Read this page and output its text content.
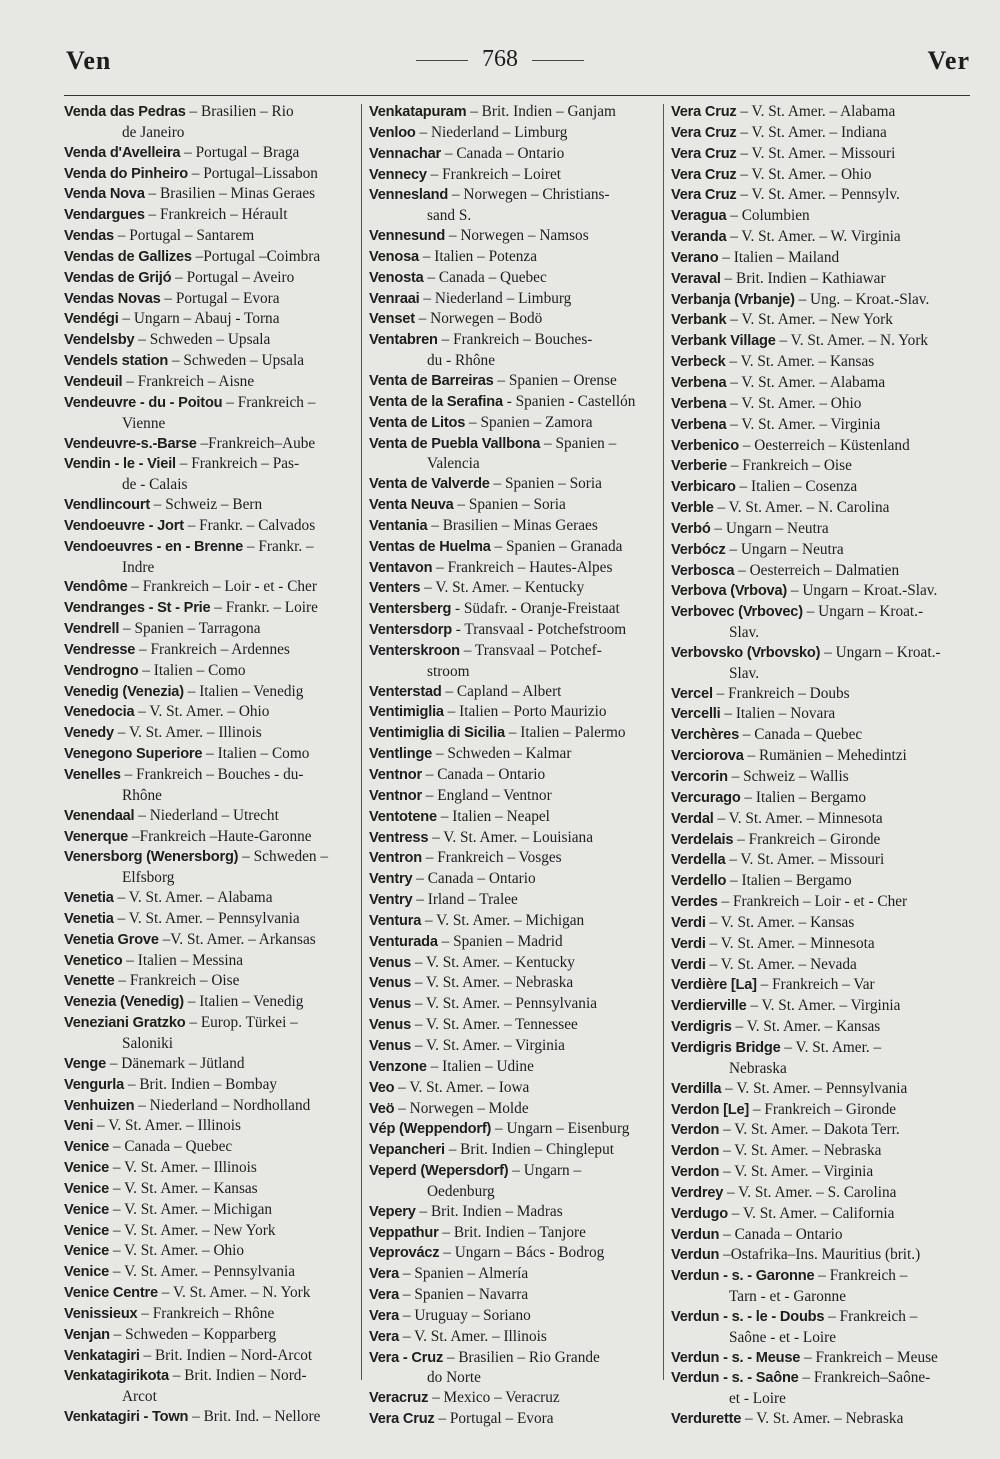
Ven	768	Ver
Venda das Pedras – Brasilien – Rio
de Janeiro
Venda d'Avelleira – Portugal – Braga
Venda do Pinheiro – Portugal–Lissabon
Venda Nova – Brasilien – Minas Geraes
Vendargues – Frankreich – Hérault
Vendas – Portugal – Santarem
Vendas de Gallizes –Portugal –Coimbra
Vendas de Grijó – Portugal – Aveiro
Vendas Novas – Portugal – Evora
Vendégi – Ungarn – Abauj - Torna
Vendelsby – Schweden – Upsala
Vendels station – Schweden – Upsala
Vendeuil – Frankreich – Aisne
Vendeuvre - du - Poitou – Frankreich –
Vienne
Vendeuvre-s.-Barse –Frankreich–Aube
Vendin - le - Vieil – Frankreich – Pas-
de - Calais
Vendlincourt – Schweiz – Bern
Vendoeuvre - Jort – Frankr. – Calvados
Vendoeuvres - en - Brenne – Frankr. –
Indre
Vendôme – Frankreich – Loir - et - Cher
Vendranges - St - Prie – Frankr. – Loire
Vendrell – Spanien – Tarragona
Vendresse – Frankreich – Ardennes
Vendrogno – Italien – Como
Venedig (Venezia) – Italien – Venedig
Venedocia – V. St. Amer. – Ohio
Venedy – V. St. Amer. – Illinois
Venegono Superiore – Italien – Como
Venelles – Frankreich – Bouches - du-
Rhône
Venendaal – Niederland – Utrecht
Venerque –Frankreich –Haute-Garonne
Venersborg (Wenersborg) – Schweden –
Elfsborg
Venetia – V. St. Amer. – Alabama
Venetia – V. St. Amer. – Pennsylvania
Venetia Grove –V. St. Amer. – Arkansas
Venetico – Italien – Messina
Venette – Frankreich – Oise
Venezia (Venedig) – Italien – Venedig
Veneziani Gratzko – Europ. Türkei –
Saloniki
Venge – Dänemark – Jütland
Vengurla – Brit. Indien – Bombay
Venhuizen – Niederland – Nordholland
Veni – V. St. Amer. – Illinois
Venice – Canada – Quebec
Venice – V. St. Amer. – Illinois
Venice – V. St. Amer. – Kansas
Venice – V. St. Amer. – Michigan
Venice – V. St. Amer. – New York
Venice – V. St. Amer. – Ohio
Venice – V. St. Amer. – Pennsylvania
Venice Centre – V. St. Amer. – N. York
Venissieux – Frankreich – Rhône
Venjan – Schweden – Kopparberg
Venkatagiri – Brit. Indien – Nord-Arcot
Venkatagirikota – Brit. Indien – Nord-
Arcot
Venkatagiri - Town – Brit. Ind. – Nellore
Venkatapuram – Brit. Indien – Ganjam
Venloo – Niederland – Limburg
Vennachar – Canada – Ontario
Vennecy – Frankreich – Loiret
Vennesland – Norwegen – Christians-
sand S.
Vennesund – Norwegen – Namsos
Venosa – Italien – Potenza
Venosta – Canada – Quebec
Venraai – Niederland – Limburg
Venset – Norwegen – Bodö
Ventabren – Frankreich – Bouches-
du - Rhône
Venta de Barreiras – Spanien – Orense
Venta de la Serafina - Spanien - Castellón
Venta de Litos – Spanien – Zamora
Venta de Puebla Vallbona – Spanien –
Valencia
Venta de Valverde – Spanien – Soria
Venta Neuva – Spanien – Soria
Ventania – Brasilien – Minas Geraes
Ventas de Huelma – Spanien – Granada
Ventavon – Frankreich – Hautes-Alpes
Venters – V. St. Amer. – Kentucky
Ventersberg - Südafr. - Oranje-Freistaat
Ventersdorp - Transvaal - Potchefstroom
Venterskroon – Transvaal – Potchef-
stroom
Venterstad – Capland – Albert
Ventimiglia – Italien – Porto Maurizio
Ventimiglia di Sicilia – Italien – Palermo
Ventlinge – Schweden – Kalmar
Ventnor – Canada – Ontario
Ventnor – England – Ventnor
Ventotene – Italien – Neapel
Ventress – V. St. Amer. – Louisiana
Ventron – Frankreich – Vosges
Ventry – Canada – Ontario
Ventry – Irland – Tralee
Ventura – V. St. Amer. – Michigan
Venturada – Spanien – Madrid
Venus – V. St. Amer. – Kentucky
Venus – V. St. Amer. – Nebraska
Venus – V. St. Amer. – Pennsylvania
Venus – V. St. Amer. – Tennessee
Venus – V. St. Amer. – Virginia
Venzone – Italien – Udine
Veo – V. St. Amer. – Iowa
Veö – Norwegen – Molde
Vép (Weppendorf) – Ungarn – Eisenburg
Vepancheri – Brit. Indien – Chingleput
Veperd (Wepersdorf) – Ungarn –
Oedenburg
Vepery – Brit. Indien – Madras
Veppathur – Brit. Indien – Tanjore
Veprovácz – Ungarn – Bács - Bodrog
Vera – Spanien – Almería
Vera – Spanien – Navarra
Vera – Uruguay – Soriano
Vera – V. St. Amer. – Illinois
Vera - Cruz – Brasilien – Rio Grande
do Norte
Veracruz – Mexico – Veracruz
Vera Cruz – Portugal – Evora
Vera Cruz – V. St. Amer. – Alabama
Vera Cruz – V. St. Amer. – Indiana
Vera Cruz – V. St. Amer. – Missouri
Vera Cruz – V. St. Amer. – Ohio
Vera Cruz – V. St. Amer. – Pennsylv.
Veragua – Columbien
Veranda – V. St. Amer. – W. Virginia
Verano – Italien – Mailand
Veraval – Brit. Indien – Kathiawar
Verbanja (Vrbanje) – Ung. – Kroat.-Slav.
Verbank – V. St. Amer. – New York
Verbank Village – V. St. Amer. – N. York
Verbeck – V. St. Amer. – Kansas
Verbena – V. St. Amer. – Alabama
Verbena – V. St. Amer. – Ohio
Verbena – V. St. Amer. – Virginia
Verbenico – Oesterreich – Küstenland
Verberie – Frankreich – Oise
Verbicaro – Italien – Cosenza
Verble – V. St. Amer. – N. Carolina
Verbó – Ungarn – Neutra
Verbócz – Ungarn – Neutra
Verbosca – Oesterreich – Dalmatien
Verbova (Vrbova) – Ungarn – Kroat.-Slav.
Verbovec (Vrbovec) – Ungarn – Kroat.-
Slav.
Verbovsko (Vrbovsko) – Ungarn – Kroat.-
Slav.
Vercel – Frankreich – Doubs
Vercelli – Italien – Novara
Verchères – Canada – Quebec
Verciorova – Rumänien – Mehedintzi
Vercorin – Schweiz – Wallis
Vercurago – Italien – Bergamo
Verdal – V. St. Amer. – Minnesota
Verdelais – Frankreich – Gironde
Verdella – V. St. Amer. – Missouri
Verdello – Italien – Bergamo
Verdes – Frankreich – Loir - et - Cher
Verdi – V. St. Amer. – Kansas
Verdi – V. St. Amer. – Minnesota
Verdi – V. St. Amer. – Nevada
Verdière [La] – Frankreich – Var
Verdierville – V. St. Amer. – Virginia
Verdigris – V. St. Amer. – Kansas
Verdigris Bridge – V. St. Amer. –
Nebraska
Verdilla – V. St. Amer. – Pennsylvania
Verdon [Le] – Frankreich – Gironde
Verdon – V. St. Amer. – Dakota Terr.
Verdon – V. St. Amer. – Nebraska
Verdon – V. St. Amer. – Virginia
Verdrey – V. St. Amer. – S. Carolina
Verdugo – V. St. Amer. – California
Verdun – Canada – Ontario
Verdun –Ostafrika–Ins. Mauritius (brit.)
Verdun - s. - Garonne – Frankreich –
Tarn - et - Garonne
Verdun - s. - le - Doubs – Frankreich –
Saône - et - Loire
Verdun - s. - Meuse – Frankreich – Meuse
Verdun - s. - Saône – Frankreich–Saône-
et - Loire
Verdurette – V. St. Amer. – Nebraska
